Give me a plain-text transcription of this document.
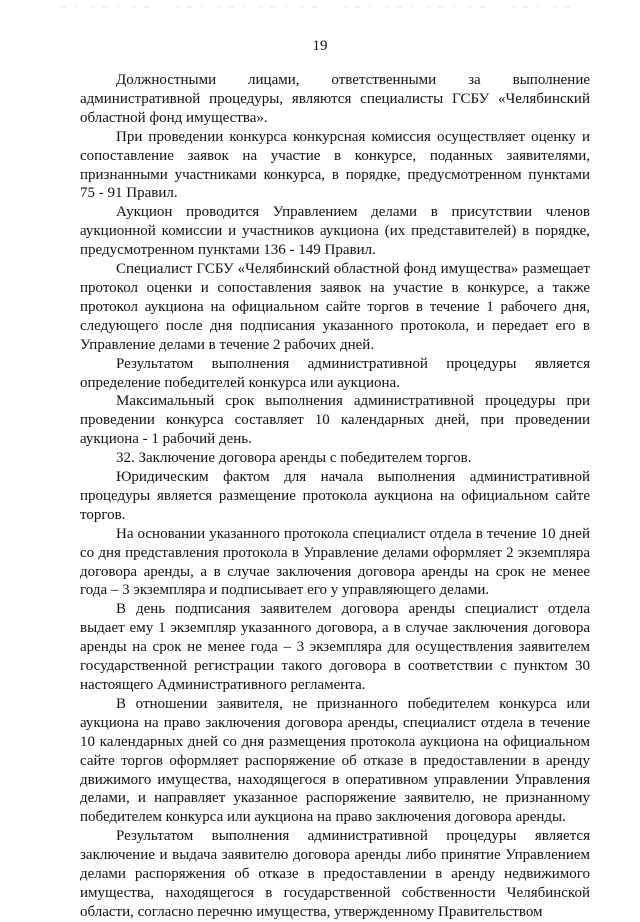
19

Должностными лицами, ответственными за выполнение административной процедуры, являются специалисты ГСБУ «Челябинский областной фонд имущества».

При проведении конкурса конкурсная комиссия осуществляет оценку и сопоставление заявок на участие в конкурсе, поданных заявителями, признанными участниками конкурса, в порядке, предусмотренном пунктами 75 - 91 Правил.

Аукцион проводится Управлением делами в присутствии членов аукционной комиссии и участников аукциона (их представителей) в порядке, предусмотренном пунктами 136 - 149 Правил.

Специалист ГСБУ «Челябинский областной фонд имущества» размещает протокол оценки и сопоставления заявок на участие в конкурсе, а также протокол аукциона на официальном сайте торгов в течение 1 рабочего дня, следующего после дня подписания указанного протокола, и передает его в Управление делами в течение 2 рабочих дней.

Результатом выполнения административной процедуры является определение победителей конкурса или аукциона.

Максимальный срок выполнения административной процедуры при проведении конкурса составляет 10 календарных дней, при проведении аукциона - 1 рабочий день.

32. Заключение договора аренды с победителем торгов.

Юридическим фактом для начала выполнения административной процедуры является размещение протокола аукциона на официальном сайте торгов.

На основании указанного протокола специалист отдела в течение 10 дней со дня представления протокола в Управление делами оформляет 2 экземпляра договора аренды, а в случае заключения договора аренды на срок не менее года – 3 экземпляра и подписывает его у управляющего делами.

В день подписания заявителем договора аренды специалист отдела выдает ему 1 экземпляр указанного договора, а в случае заключения договора аренды на срок не менее года – 3 экземпляра для осуществления заявителем государственной регистрации такого договора в соответствии с пунктом 30 настоящего Административного регламента.

В отношении заявителя, не признанного победителем конкурса или аукциона на право заключения договора аренды, специалист отдела в течение 10 календарных дней со дня размещения протокола аукциона на официальном сайте торгов оформляет распоряжение об отказе в предоставлении в аренду движимого имущества, находящегося в оперативном управлении Управления делами, и направляет указанное распоряжение заявителю, не признанному победителем конкурса или аукциона на право заключения договора аренды.

Результатом выполнения административной процедуры является заключение и выдача заявителю договора аренды либо принятие Управлением делами распоряжения об отказе в предоставлении в аренду недвижимого имущества, находящегося в государственной собственности Челябинской области, согласно перечню имущества, утвержденному Правительством
